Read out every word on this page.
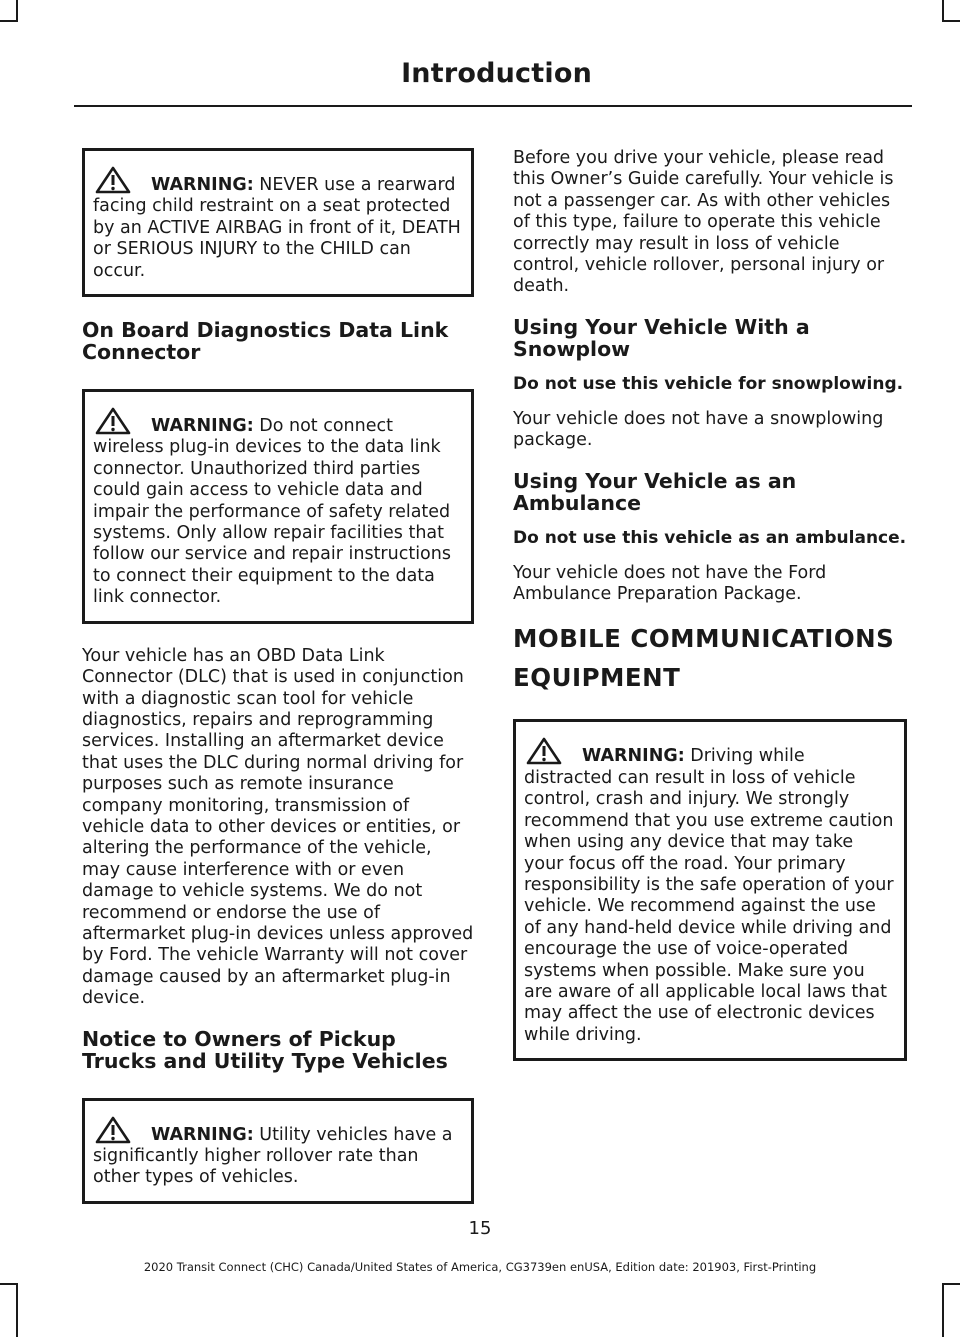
Introduction
WARNING: NEVER use a rearward facing child restraint on a seat protected by an ACTIVE AIRBAG in front of it, DEATH or SERIOUS INJURY to the CHILD can occur.
On Board Diagnostics Data Link Connector
WARNING: Do not connect wireless plug-in devices to the data link connector. Unauthorized third parties could gain access to vehicle data and impair the performance of safety related systems. Only allow repair facilities that follow our service and repair instructions to connect their equipment to the data link connector.

Your vehicle has an OBD Data Link Connector (DLC) that is used in conjunction with a diagnostic scan tool for vehicle diagnostics, repairs and reprogramming services. Installing an aftermarket device that uses the DLC during normal driving for purposes such as remote insurance company monitoring, transmission of vehicle data to other devices or entities, or altering the performance of the vehicle, may cause interference with or even damage to vehicle systems. We do not recommend or endorse the use of aftermarket plug-in devices unless approved by Ford. The vehicle Warranty will not cover damage caused by an aftermarket plug-in device.

Notice to Owners of Pickup Trucks and Utility Type Vehicles
WARNING: Utility vehicles have a significantly higher rollover rate than other types of vehicles.

Before you drive your vehicle, please read this Owner’s Guide carefully. Your vehicle is not a passenger car. As with other vehicles of this type, failure to operate this vehicle correctly may result in loss of vehicle control, vehicle rollover, personal injury or death.

Using Your Vehicle With a Snowplow
Do not use this vehicle for snowplowing.

Your vehicle does not have a snowplowing package.

Using Your Vehicle as an Ambulance
Do not use this vehicle as an ambulance.

Your vehicle does not have the Ford Ambulance Preparation Package.

MOBILE COMMUNICATIONS
EQUIPMENT
WARNING: Driving while distracted can result in loss of vehicle control, crash and injury. We strongly recommend that you use extreme caution when using any device that may take your focus off the road. Your primary responsibility is the safe operation of your vehicle. We recommend against the use of any hand-held device while driving and encourage the use of voice-operated systems when possible. Make sure you are aware of all applicable local laws that may affect the use of electronic devices while driving.
15
2020 Transit Connect (CHC) Canada/United States of America, CG3739en enUSA, Edition date: 201903, First-Printing
